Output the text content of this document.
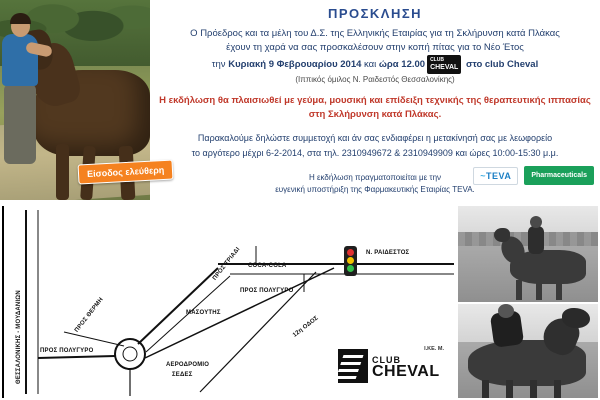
Είσοδος ελεύθερη
ΠΡΟΣΚΛΗΣΗ
Ο Πρόεδρος και τα μέλη του Δ.Σ. της Ελληνικής Εταιρίας για τη Σκλήρυνση κατά Πλάκας
έχουν τη χαρά να σας προσκαλέσουν στην κοπή πίτας για το Νέο Έτος
την Κυριακή 9 Φεβρουαρίου 2014 και ώρα 12.00 CLUB
CHEVAL στο club Cheval
(Ιππικός όμιλος Ν. Ραιδεστός Θεσσαλονίκης)
Η εκδήλωση θα πλαισιωθεί με γεύμα, μουσική και επίδειξη τεχνικής της θεραπευτικής ιππασίας
στη Σκλήρυνση κατά Πλάκας.
Παρακαλούμε δηλώστε συμμετοχή και άν σας ενδιαφέρει η μετακίνησή σας με λεωφορείο
το αργότερο μέχρι 6-2-2014, στα τηλ. 2310949672 & 2310949909 και ώρες 10:00-15:30 μ.μ.
Η εκδήλωση πραγματοποιείται με την
ευγενική υποστήριξη της Φαρμακευτικής Εταιρίας TEVA.
~TEVA	Pharmaceuticals
ΘΕΣΣΑΛΟΝΙΚΗΣ - ΜΟΥΔΑΝΙΩΝ	ΠΡΟΣ ΠΟΛΥΓΥΡΟ
ΠΡΟΣ ΘΕΡΜΗ	ΜΑΣΟΥΤΗΣ
ΠΡΟΣ ΤΡΙΑΔΙ COCA-COLA
ΠΡΟΣ ΠΟΛΥΓΥΡΟ
Ν. ΡΑΙΔΕΣΤΟΣ
12η ΟΔΟΣ
ΑΕΡΟΔΡΟΜΙΟ
ΣΕΔΕΣ
CLUB
CHEVAL
I.KE. M.
